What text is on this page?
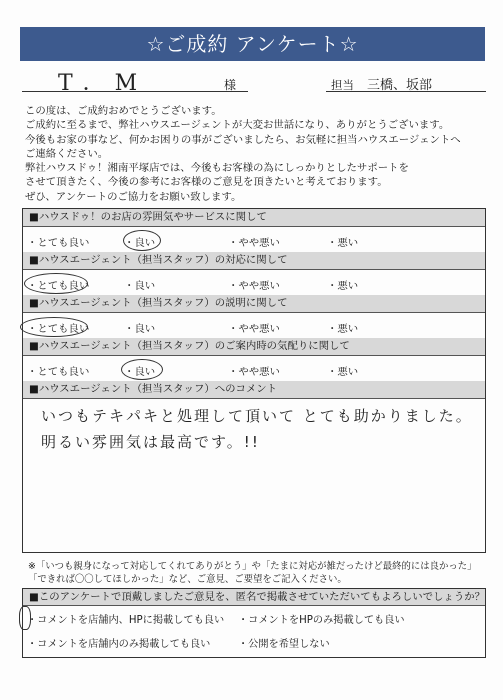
☆ご成約 アンケート☆
T．M	様	担当 三橋、坂部
この度は、ご成約おめでとうございます。
ご成約に至るまで、弊社ハウスエージェントが大変お世話になり、ありがとうございます。
今後もお家の事など、何かお困りの事がございましたら、お気軽に担当ハウスエージェントへ
ご連絡ください。
弊社ハウスドゥ！湘南平塚店では、今後もお客様の為にしっかりとしたサポートを
させて頂きたく、今後の参考にお客様のご意見を頂きたいと考えております。
ぜひ、アンケートのご協力をお願い致します。
■ハウスドゥ！のお店の雰囲気やサービスに関して
・とても良い	・良い	・やや悪い	・悪い
■ハウスエージェント（担当スタッフ）の対応に関して
・とても良い	・良い	・やや悪い	・悪い
■ハウスエージェント（担当スタッフ）の説明に関して
・とても良い	・良い	・やや悪い	・悪い
■ハウスエージェント（担当スタッフ）のご案内時の気配りに関して
・とても良い	・良い	・やや悪い	・悪い
■ハウスエージェント（担当スタッフ）へのコメント
いつもテキパキと処理して頂いて とても助かりました。
明るい雰囲気は最高です。!!
※「いつも親身になって対応してくれてありがとう」や「たまに対応が雑だったけど最終的には良かった」
「できれば〇〇してほしかった」など、ご意見、ご要望をご記入ください。
■このアンケートで頂戴しましたご意見を、匿名で掲載させていただいてもよろしいでしょうか？
・コメントを店舗内、HPに掲載しても良い ・コメントをHPのみ掲載しても良い
・コメントを店舗内のみ掲載しても良い	・公開を希望しない
